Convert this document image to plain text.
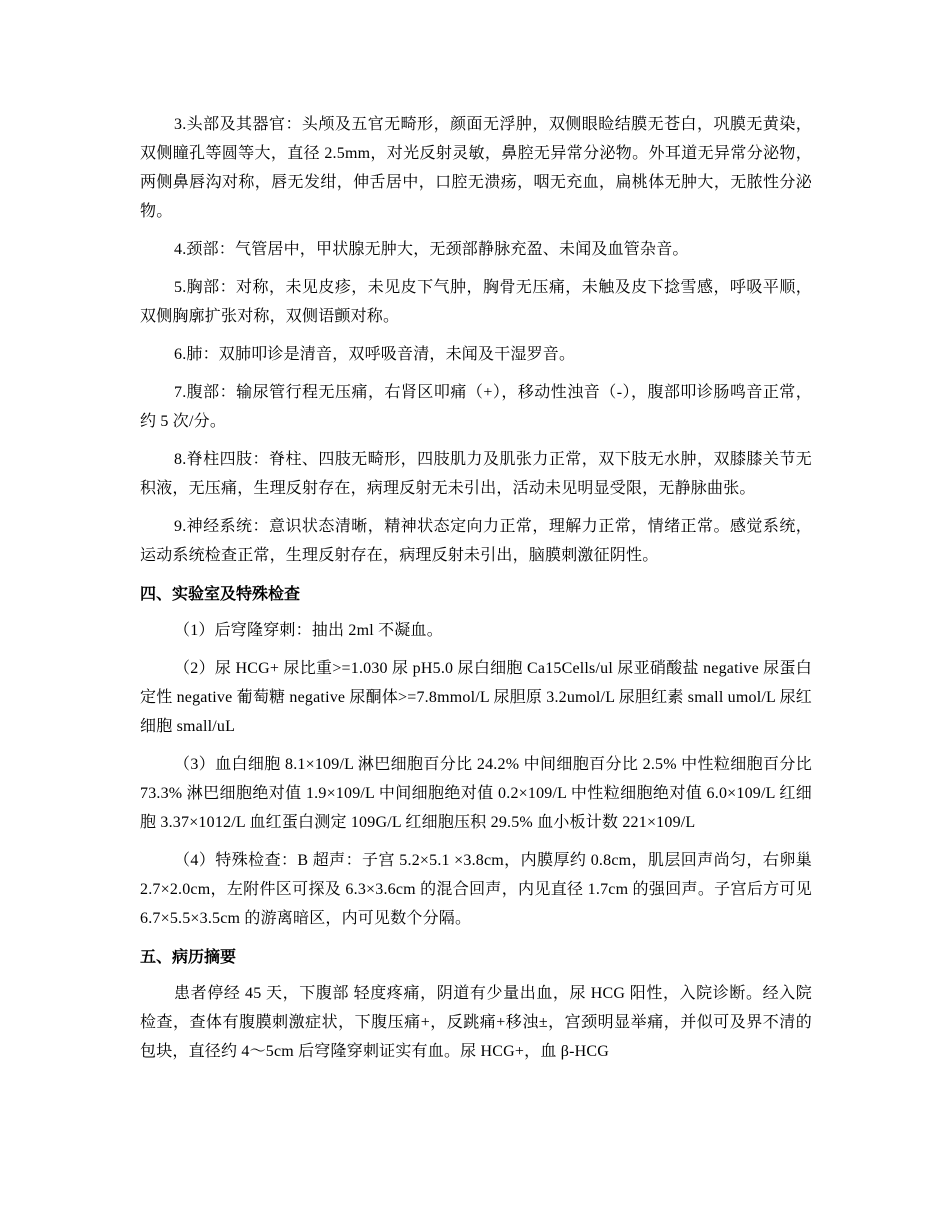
3.头部及其器官：头颅及五官无畸形，颜面无浮肿，双侧眼睑结膜无苍白，巩膜无黄染，双侧瞳孔等圆等大，直径 2.5mm，对光反射灵敏，鼻腔无异常分泌物。外耳道无异常分泌物，两侧鼻唇沟对称，唇无发绀，伸舌居中，口腔无溃疡，咽无充血，扁桃体无肿大，无脓性分泌物。

4.颈部：气管居中，甲状腺无肿大，无颈部静脉充盈、未闻及血管杂音。

5.胸部：对称，未见皮疹，未见皮下气肿，胸骨无压痛，未触及皮下捻雪感，呼吸平顺，双侧胸廓扩张对称，双侧语颤对称。

6.肺：双肺叩诊是清音，双呼吸音清，未闻及干湿罗音。

7.腹部：输尿管行程无压痛，右肾区叩痛（+），移动性浊音（-），腹部叩诊肠鸣音正常，约 5 次/分。

8.脊柱四肢：脊柱、四肢无畸形，四肢肌力及肌张力正常，双下肢无水肿，双膝膝关节无积液，无压痛，生理反射存在，病理反射无未引出，活动未见明显受限，无静脉曲张。

9.神经系统：意识状态清晰，精神状态定向力正常，理解力正常，情绪正常。感觉系统，运动系统检查正常，生理反射存在，病理反射未引出，脑膜刺激征阴性。

四、实验室及特殊检查

（1）后穹隆穿刺：抽出 2ml 不凝血。

（2）尿 HCG+ 尿比重>=1.030 尿 pH5.0 尿白细胞 Ca15Cells/ul 尿亚硝酸盐 negative 尿蛋白定性 negative 葡萄糖 negative 尿酮体>=7.8mmol/L 尿胆原 3.2umol/L 尿胆红素 small umol/L 尿红细胞 small/uL

（3）血白细胞 8.1×109/L 淋巴细胞百分比 24.2% 中间细胞百分比 2.5% 中性粒细胞百分比 73.3% 淋巴细胞绝对值 1.9×109/L 中间细胞绝对值 0.2×109/L 中性粒细胞绝对值 6.0×109/L 红细胞 3.37×1012/L 血红蛋白测定 109G/L 红细胞压积 29.5% 血小板计数 221×109/L

（4）特殊检查：B 超声：子宫 5.2×5.1 ×3.8cm，内膜厚约 0.8cm，肌层回声尚匀，右卵巢 2.7×2.0cm，左附件区可探及 6.3×3.6cm 的混合回声，内见直径 1.7cm 的强回声。子宫后方可见 6.7×5.5×3.5cm 的游离暗区，内可见数个分隔。

五、病历摘要

患者停经 45 天，下腹部 轻度疼痛，阴道有少量出血，尿 HCG 阳性，入院诊断。经入院检查，查体有腹膜刺激症状，下腹压痛+，反跳痛+移浊±，宫颈明显举痛，并似可及界不清的包块，直径约 4～5cm 后穹隆穿刺证实有血。尿 HCG+，血 β-HCG
